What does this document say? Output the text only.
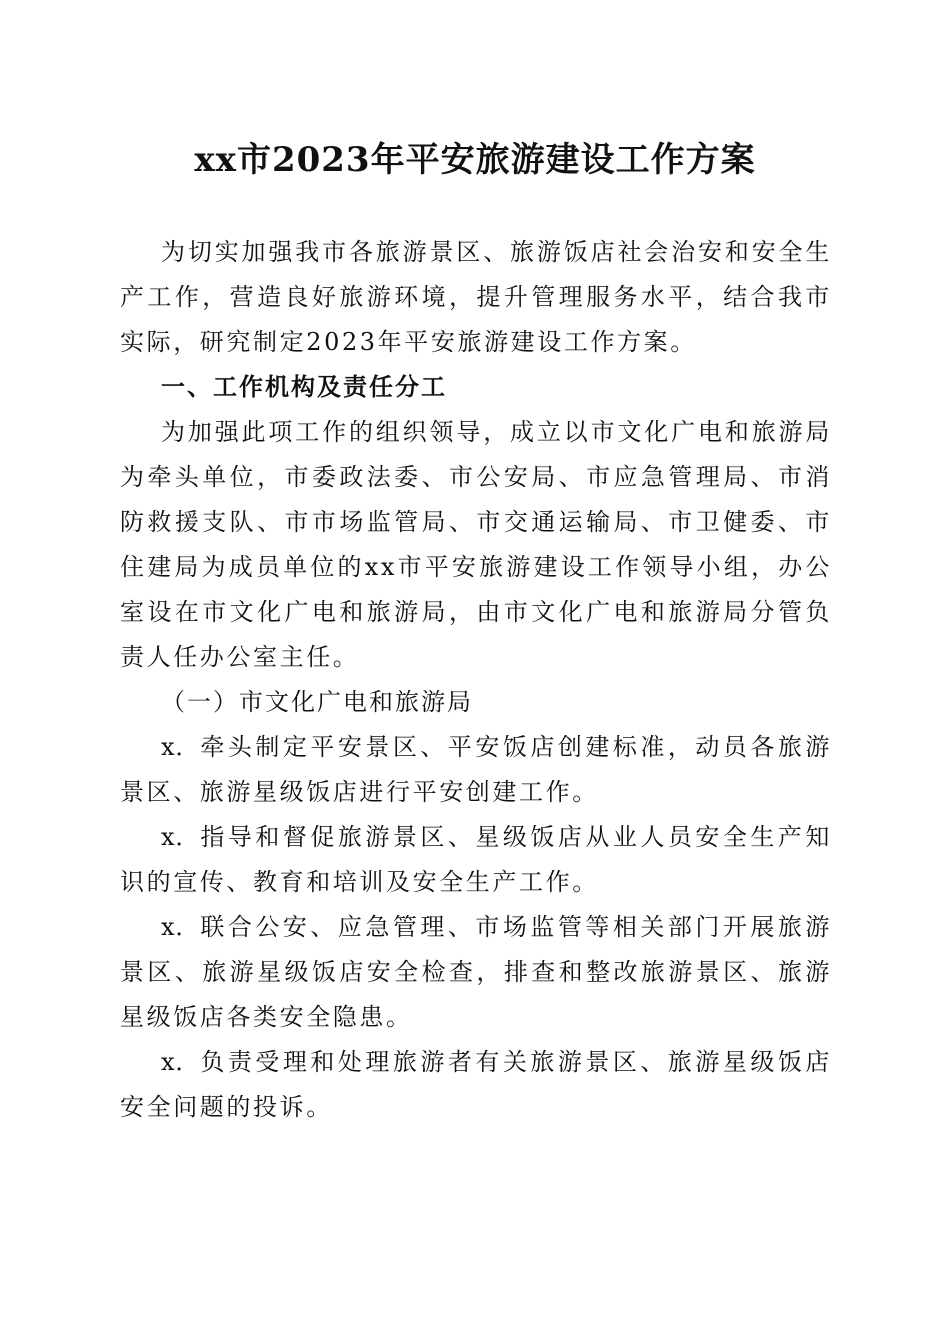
xx市2023年平安旅游建设工作方案

为切实加强我市各旅游景区、旅游饭店社会治安和安全生产工作，营造良好旅游环境，提升管理服务水平，结合我市实际，研究制定2023年平安旅游建设工作方案。

一、工作机构及责任分工

为加强此项工作的组织领导，成立以市文化广电和旅游局为牵头单位，市委政法委、市公安局、市应急管理局、市消防救援支队、市市场监管局、市交通运输局、市卫健委、市住建局为成员单位的xx市平安旅游建设工作领导小组，办公室设在市文化广电和旅游局，由市文化广电和旅游局分管负责人任办公室主任。

（一）市文化广电和旅游局

x．牵头制定平安景区、平安饭店创建标准，动员各旅游景区、旅游星级饭店进行平安创建工作。

x．指导和督促旅游景区、星级饭店从业人员安全生产知识的宣传、教育和培训及安全生产工作。

x．联合公安、应急管理、市场监管等相关部门开展旅游景区、旅游星级饭店安全检查，排查和整改旅游景区、旅游星级饭店各类安全隐患。

x．负责受理和处理旅游者有关旅游景区、旅游星级饭店安全问题的投诉。
